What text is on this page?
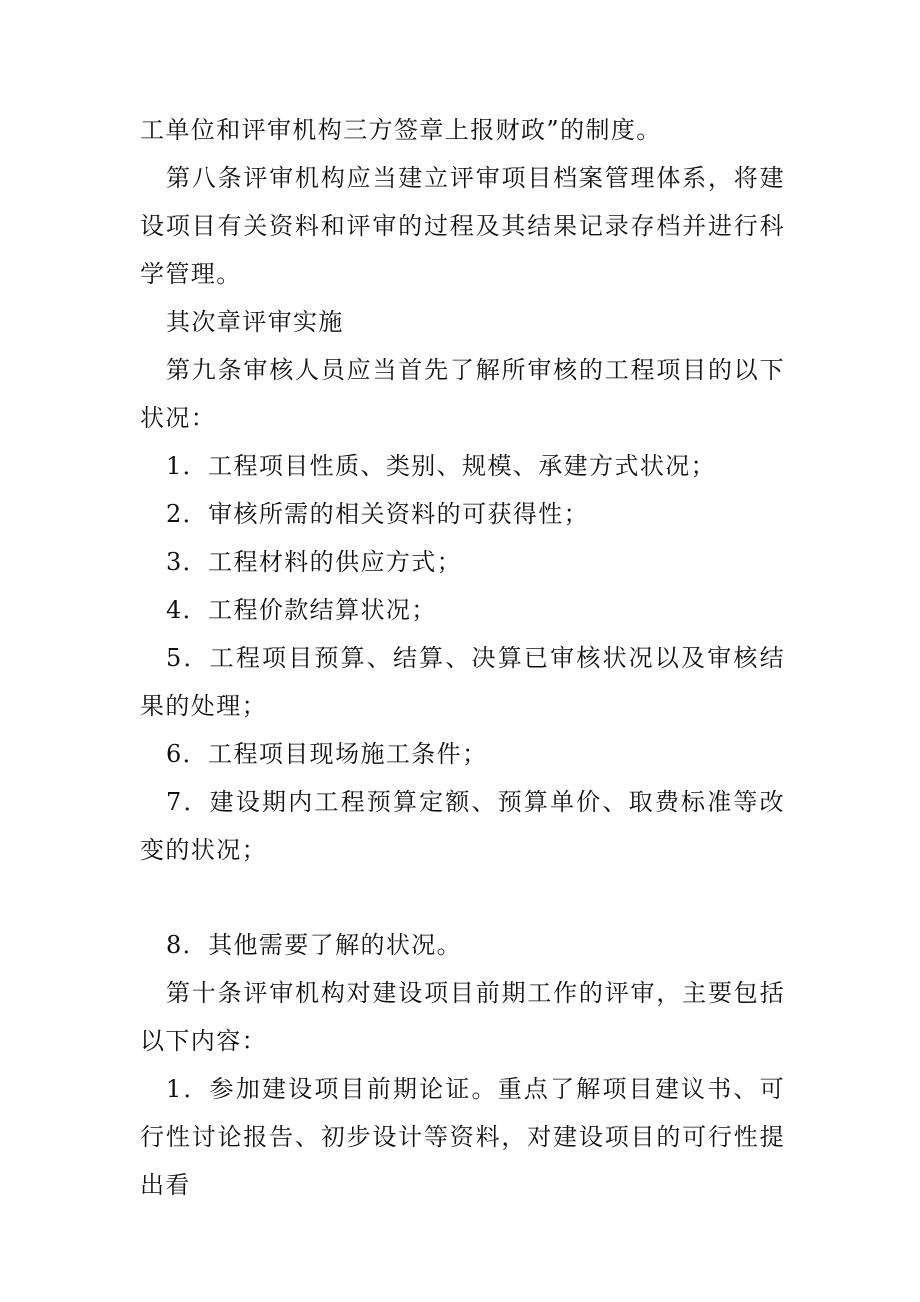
工单位和评审机构三方签章上报财政”的制度。

第八条评审机构应当建立评审项目档案管理体系，将建设项目有关资料和评审的过程及其结果记录存档并进行科学管理。

其次章评审实施

第九条审核人员应当首先了解所审核的工程项目的以下状况：

1．工程项目性质、类别、规模、承建方式状况；

2．审核所需的相关资料的可获得性；

3．工程材料的供应方式；

4．工程价款结算状况；

5．工程项目预算、结算、决算已审核状况以及审核结果的处理；

6．工程项目现场施工条件；

7．建设期内工程预算定额、预算单价、取费标准等改变的状况；

8．其他需要了解的状况。

第十条评审机构对建设项目前期工作的评审，主要包括以下内容：

1．参加建设项目前期论证。重点了解项目建议书、可行性讨论报告、初步设计等资料，对建设项目的可行性提出看
